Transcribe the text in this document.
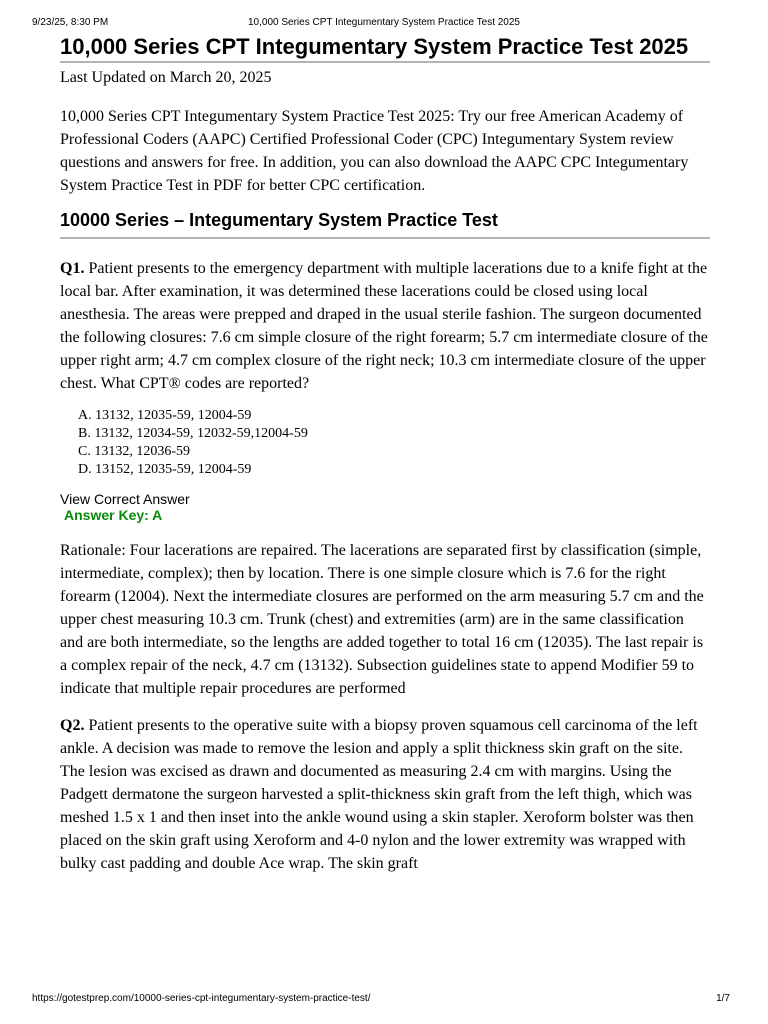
9/23/25, 8:30 PM	10,000 Series CPT Integumentary System Practice Test 2025
10,000 Series CPT Integumentary System Practice Test 2025
Last Updated on March 20, 2025

10,000 Series CPT Integumentary System Practice Test 2025: Try our free American Academy of Professional Coders (AAPC) Certified Professional Coder (CPC) Integumentary System review questions and answers for free. In addition, you can also download the AAPC CPC Integumentary System Practice Test in PDF for better CPC certification.

10000 Series – Integumentary System Practice Test

Q1. Patient presents to the emergency department with multiple lacerations due to a knife fight at the local bar. After examination, it was determined these lacerations could be closed using local anesthesia. The areas were prepped and draped in the usual sterile fashion. The surgeon documented the following closures: 7.6 cm simple closure of the right forearm; 5.7 cm intermediate closure of the upper right arm; 4.7 cm complex closure of the right neck; 10.3 cm intermediate closure of the upper chest. What CPT® codes are reported?

A. 13132, 12035-59, 12004-59
B. 13132, 12034-59, 12032-59,12004-59
C. 13132, 12036-59
D. 13152, 12035-59, 12004-59
View Correct Answer
Answer Key: A

Rationale: Four lacerations are repaired. The lacerations are separated first by classification (simple, intermediate, complex); then by location. There is one simple closure which is 7.6 for the right forearm (12004). Next the intermediate closures are performed on the arm measuring 5.7 cm and the upper chest measuring 10.3 cm. Trunk (chest) and extremities (arm) are in the same classification and are both intermediate, so the lengths are added together to total 16 cm (12035). The last repair is a complex repair of the neck, 4.7 cm (13132). Subsection guidelines state to append Modifier 59 to indicate that multiple repair procedures are performed

Q2. Patient presents to the operative suite with a biopsy proven squamous cell carcinoma of the left ankle. A decision was made to remove the lesion and apply a split thickness skin graft on the site. The lesion was excised as drawn and documented as measuring 2.4 cm with margins. Using the Padgett dermatone the surgeon harvested a split-thickness skin graft from the left thigh, which was meshed 1.5 x 1 and then inset into the ankle wound using a skin stapler. Xeroform bolster was then placed on the skin graft using Xeroform and 4-0 nylon and the lower extremity was wrapped with bulky cast padding and double Ace wrap. The skin graft

https://gotestprep.com/10000-series-cpt-integumentary-system-practice-test/	1/7
